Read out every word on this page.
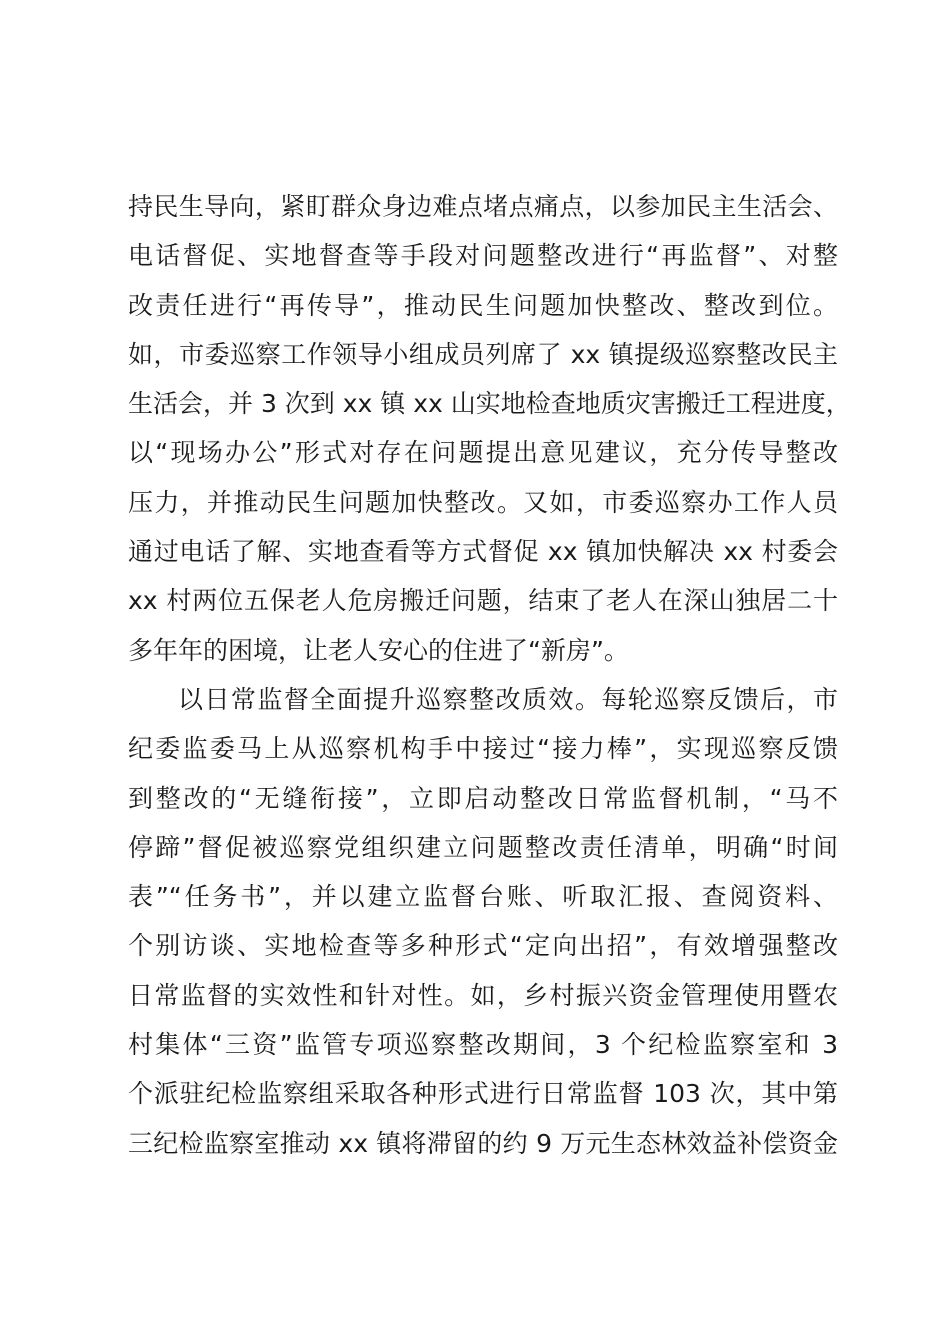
持民生导向，紧盯群众身边难点堵点痛点，以参加民主生活会、
电话督促、实地督查等手段对问题整改进行“再监督”、对整
改责任进行“再传导”，推动民生问题加快整改、整改到位。
如，市委巡察工作领导小组成员列席了 xx 镇提级巡察整改民主
生活会，并 3 次到 xx 镇 xx 山实地检查地质灾害搬迁工程进度，
以“现场办公”形式对存在问题提出意见建议，充分传导整改
压力，并推动民生问题加快整改。又如，市委巡察办工作人员
通过电话了解、实地查看等方式督促 xx 镇加快解决 xx 村委会
xx 村两位五保老人危房搬迁问题，结束了老人在深山独居二十
多年年的困境，让老人安心的住进了“新房”。
以日常监督全面提升巡察整改质效。每轮巡察反馈后，市
纪委监委马上从巡察机构手中接过“接力棒”，实现巡察反馈
到整改的“无缝衔接”，立即启动整改日常监督机制，“马不
停蹄”督促被巡察党组织建立问题整改责任清单，明确“时间
表”“任务书”，并以建立监督台账、听取汇报、查阅资料、
个别访谈、实地检查等多种形式“定向出招”，有效增强整改
日常监督的实效性和针对性。如，乡村振兴资金管理使用暨农
村集体“三资”监管专项巡察整改期间，3 个纪检监察室和 3
个派驻纪检监察组采取各种形式进行日常监督 103 次，其中第
三纪检监察室推动 xx 镇将滞留的约 9 万元生态林效益补偿资金
